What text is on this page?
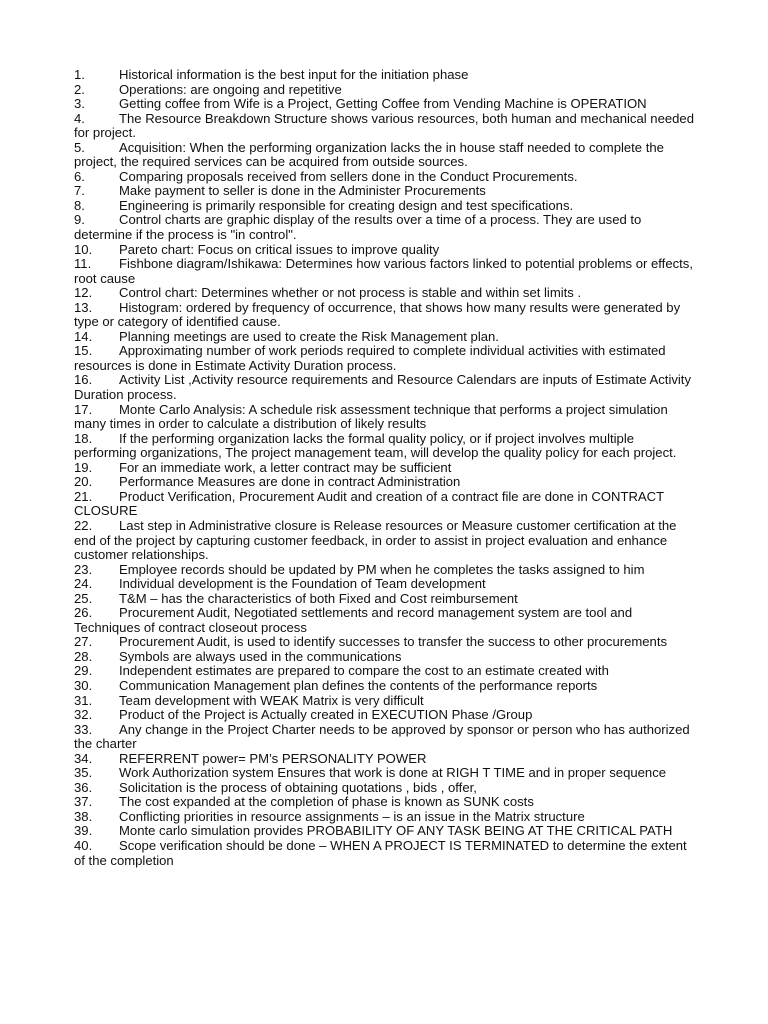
1.	Historical information is the best input for the initiation phase

2.	Operations: are ongoing and repetitive

3.	Getting coffee from Wife is a Project, Getting Coffee from Vending Machine is OPERATION

4.	The Resource Breakdown Structure shows various resources, both human and mechanical needed for project.

5.	Acquisition: When the performing organization lacks the in house staff needed to complete the project, the required services can be acquired from outside sources.

6.	Comparing proposals received from sellers done in the Conduct Procurements.

7.	Make payment to seller is done in the Administer Procurements

8.	Engineering is primarily responsible for creating design and test specifications.

9.	Control charts are graphic display of the results over a time of a process. They are used to determine if the process is "in control".

10. Pareto chart: Focus on critical issues to improve quality

11. Fishbone diagram/Ishikawa: Determines how various factors linked to potential problems or effects, root cause

12. Control chart: Determines whether or not process is stable and within set limits .

13. Histogram: ordered by frequency of occurrence, that shows how many results were generated by type or category of identified cause.

14. Planning meetings are used to create the Risk Management plan.

15. Approximating number of work periods required to complete individual activities with estimated resources is done in Estimate Activity Duration process.

16. Activity List ,Activity resource requirements and Resource Calendars are inputs of Estimate Activity Duration process.

17. Monte Carlo Analysis: A schedule risk assessment technique that performs a project simulation many times in order to calculate a distribution of likely results

18. If the performing organization lacks the formal quality policy, or if project involves multiple performing organizations, The project management team, will develop the quality policy for each project.

19. For an immediate work, a letter contract may be sufficient

20. Performance Measures are done in contract Administration

21. Product Verification, Procurement Audit and creation of a contract file are done in CONTRACT CLOSURE

22. Last step in Administrative closure is Release resources or Measure customer certification at the end of the project by capturing customer feedback, in order to assist in project evaluation and enhance customer relationships.

23. Employee records should be updated by PM when he completes the tasks assigned to him

24. Individual development is the Foundation of Team development

25. T&M – has the characteristics of both Fixed and Cost reimbursement

26. Procurement Audit, Negotiated settlements and record management system are tool and Techniques of contract closeout process

27. Procurement Audit, is used to identify successes to transfer the success to other procurements

28. Symbols are always used in the communications

29. Independent estimates are prepared to compare the cost to an estimate created with

30. Communication Management plan defines the contents of the performance reports

31. Team development with WEAK Matrix is very difficult

32. Product of the Project is Actually created in EXECUTION Phase /Group

33. Any change in the Project Charter needs to be approved by sponsor or person who has authorized the charter

34. REFERRENT power= PM’s PERSONALITY POWER

35. Work Authorization system Ensures that work is done at RIGH T TIME and in proper sequence

36. Solicitation is the process of obtaining quotations , bids , offer,

37. The cost expanded at the completion of phase is known as SUNK costs

38. Conflicting priorities in resource assignments – is an issue in the Matrix structure

39. Monte carlo simulation provides PROBABILITY OF ANY TASK BEING AT THE CRITICAL PATH

40. Scope verification should be done – WHEN A PROJECT IS TERMINATED to determine the extent of the completion
